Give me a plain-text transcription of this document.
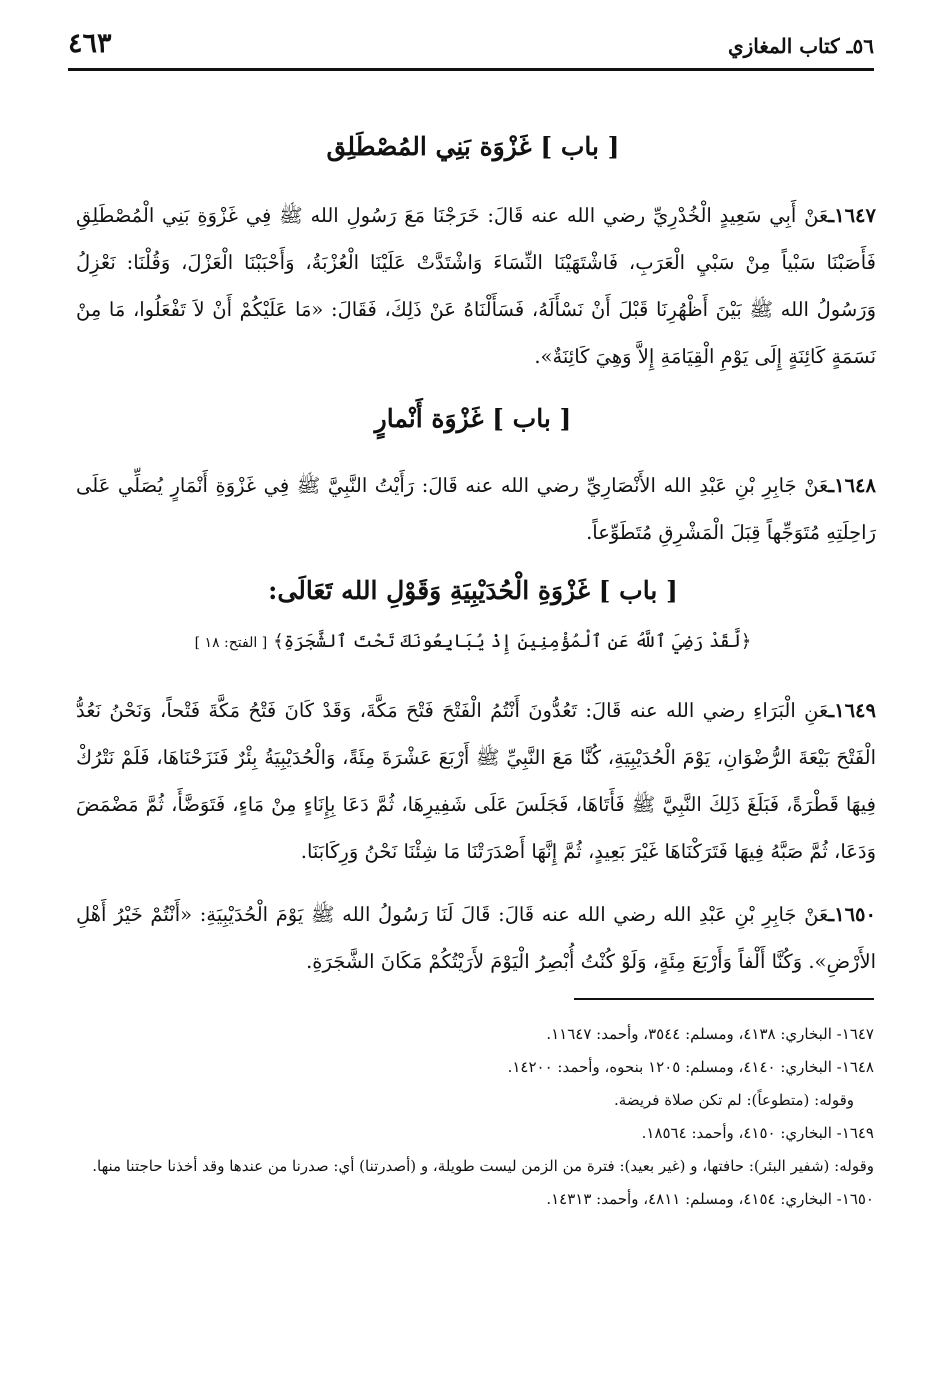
٥٦ـ كتاب المغازي
٤٦٣
[ باب ] غَزْوَة بَنِي المُصْطَلِق
١٦٤٧ـعَنْ أَبِي سَعِيدٍ الْخُدْرِيِّ رضي الله عنه قَالَ: خَرَجْنَا مَعَ رَسُولِ الله ﷺ فِي غَزْوَةِ بَنِي الْمُصْطَلِقِ فَأَصَبْنَا سَبْياً مِنْ سَبْيِ الْعَرَبِ، فَاشْتَهَيْنَا النِّسَاءَ وَاشْتَدَّتْ عَلَيْنَا الْعُزْبَةُ، وَأَحْبَبْنَا الْعَزْلَ، وَقُلْنَا: نَعْزِلُ وَرَسُولُ الله ﷺ بَيْنَ أَظْهُرِنَا قَبْلَ أَنْ نَسْأَلَهُ، فَسَأَلْنَاهُ عَنْ ذَلِكَ، فَقَالَ: «مَا عَلَيْكُمْ أَنْ لاَ تَفْعَلُوا، مَا مِنْ نَسَمَةٍ كَائِنَةٍ إِلَى يَوْمِ الْقِيَامَةِ إِلاَّ وَهِيَ كَائِنَةٌ».
[ باب ] غَزْوَة أَنْمارٍ
١٦٤٨ـعَنْ جَابِرِ بْنِ عَبْدِ الله الأَنْصَارِيِّ رضي الله عنه قَالَ: رَأَيْتُ النَّبِيَّ ﷺ فِي غَزْوَةِ أَنْمَارٍ يُصَلِّي عَلَى رَاحِلَتِهِ مُتَوَجِّهاً قِبَلَ الْمَشْرِقِ مُتَطَوِّعاً.
[ باب ] غَزْوَةِ الْحُدَيْبِيَةِ وَقَوْلِ الله تَعَالَى:
﴿لَّقَدْ رَضِيَ ٱللَّهُ عَنِ ٱلْمُؤْمِنِينَ إِذْ يُبَايِعُونَكَ تَحْتَ ٱلشَّجَرَةِ﴾[ الفتح: ١٨ ]
١٦٤٩ـعَنِ الْبَرَاءِ رضي الله عنه قَالَ: تَعُدُّونَ أَنْتُمُ الْفَتْحَ فَتْحَ مَكَّةَ، وَقَدْ كَانَ فَتْحُ مَكَّةَ فَتْحاً، وَنَحْنُ نَعُدُّ الْفَتْحَ بَيْعَةَ الرُّضْوَانِ، يَوْمَ الْحُدَيْبِيَةِ، كُنَّا مَعَ النَّبِيِّ ﷺ أَرْبَعَ عَشْرَةَ مِئَةً، وَالْحُدَيْبِيَةُ بِئْرٌ فَنَزَحْنَاهَا، فَلَمْ نَتْرُكْ فِيهَا قَطْرَةً، فَبَلَغَ ذَلِكَ النَّبِيَّ ﷺ فَأَتَاهَا، فَجَلَسَ عَلَى شَفِيرِهَا، ثُمَّ دَعَا بِإِنَاءٍ مِنْ مَاءٍ، فَتَوَضَّأَ، ثُمَّ مَضْمَضَ وَدَعَا، ثُمَّ صَبَّهُ فِيهَا فَتَرَكْنَاهَا غَيْرَ بَعِيدٍ، ثُمَّ إِنَّهَا أَصْدَرَتْنَا مَا شِئْنَا نَحْنُ وَرِكَابَنَا.
١٦٥٠ـعَنْ جَابِرِ بْنِ عَبْدِ الله رضي الله عنه قَالَ: قَالَ لَنَا رَسُولُ الله ﷺ يَوْمَ الْحُدَيْبِيَةِ: «أَنْتُمْ خَيْرُ أَهْلِ الأَرْضِ». وَكُنَّا أَلْفاً وَأَرْبَعَ مِئَةٍ، وَلَوْ كُنْتُ أُبْصِرُ الْيَوْمَ لأَرَيْتُكُمْ مَكَانَ الشَّجَرَةِ.

١٦٤٧- البخاري: ٤١٣٨، ومسلم: ٣٥٤٤، وأحمد: ١١٦٤٧.

١٦٤٨- البخاري: ٤١٤٠، ومسلم: ١٢٠٥ بنحوه، وأحمد: ١٤٢٠٠.

وقوله: (متطوعاً): لم تكن صلاة فريضة.

١٦٤٩- البخاري: ٤١٥٠، وأحمد: ١٨٥٦٤.

وقوله: (شفير البئر): حافتها، و (غير بعيد): فترة من الزمن ليست طويلة، و (أصدرتنا) أي: صدرنا من عندها وقد أخذنا حاجتنا منها.

١٦٥٠- البخاري: ٤١٥٤، ومسلم: ٤٨١١، وأحمد: ١٤٣١٣.
